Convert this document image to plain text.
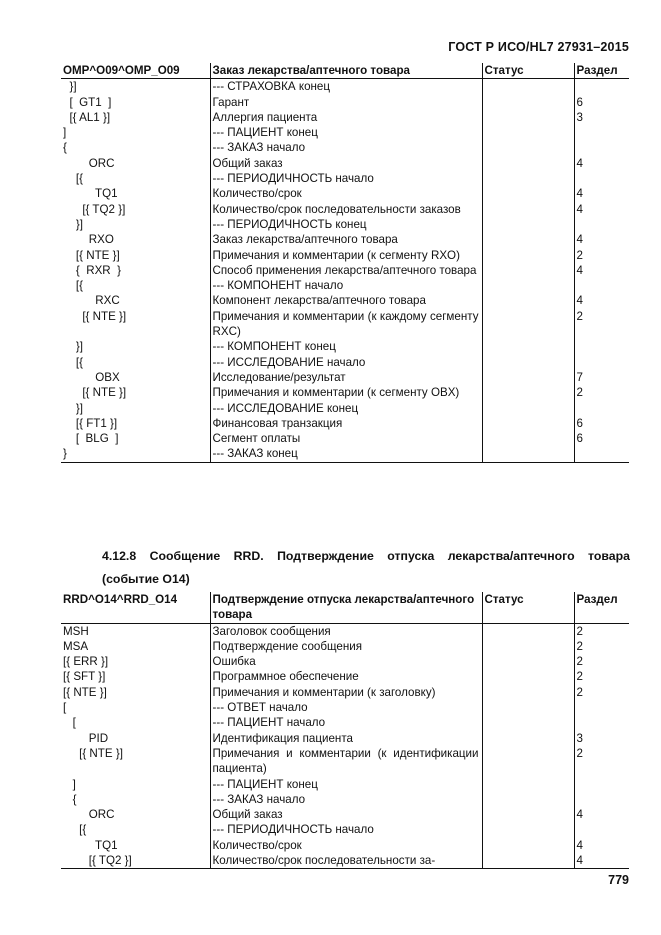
ГОСТ Р ИСО/HL7 27931–2015
OMP^O09^OMP_O09	Заказ лекарства/аптечного товара	Статус	Раздел
}]	--- СТРАХОВКА конец		
[  GT1  ]	Гарант		6
[{ AL1 }]	Аллергия пациента		3
]	--- ПАЦИЕНТ конец		
{	--- ЗАКАЗ начало		
ORC	Общий заказ		4
[{	--- ПЕРИОДИЧНОСТЬ начало		
TQ1	Количество/срок		4
[{ TQ2 }]	Количество/срок последовательности заказов		4
}]	--- ПЕРИОДИЧНОСТЬ конец		
RXO	Заказ лекарства/аптечного товара		4
[{ NTE }]	Примечания и комментарии (к сегменту RXO)		2
{  RXR  }	Способ применения лекарства/аптечного товара		4
[{	--- КОМПОНЕНТ начало		
RXC	Компонент лекарства/аптечного товара		4
[{ NTE }]	Примечания и комментарии (к каждому сегменту RXC)		2
}]	--- КОМПОНЕНТ конец		
[{	--- ИССЛЕДОВАНИЕ начало		
OBX	Исследование/результат		7
[{ NTE }]	Примечания и комментарии (к сегменту OBX)		2
}]	--- ИССЛЕДОВАНИЕ конец		
[{ FT1 }]	Финансовая транзакция		6
[  BLG  ]	Сегмент оплаты		6
}	--- ЗАКАЗ конец		
4.12.8 Сообщение RRD. Подтверждение отпуска лекарства/аптечного товара (событие O14)
RRD^O14^RRD_O14	Подтверждение отпуска лекарства/аптечного товара	Статус	Раздел
MSH	Заголовок сообщения		2
MSA	Подтверждение сообщения		2
[{ ERR }]	Ошибка		2
[{ SFT }]	Программное обеспечение		2
[{ NTE }]	Примечания и комментарии (к заголовку)		2
[	--- ОТВЕТ начало		
[	--- ПАЦИЕНТ начало		
PID	Идентификация пациента		3
[{ NTE }]	Примечания и комментарии (к идентификации пациента)		2
]	--- ПАЦИЕНТ конец		
{	--- ЗАКАЗ начало		
ORC	Общий заказ		4
[{	--- ПЕРИОДИЧНОСТЬ начало		
TQ1	Количество/срок		4
[{ TQ2 }]	Количество/срок последовательности за-		4
779
